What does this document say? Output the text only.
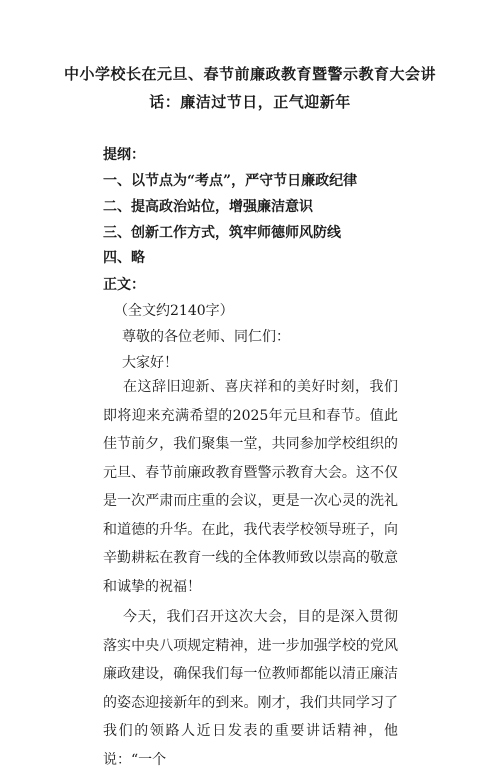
中小学校长在元旦、春节前廉政教育暨警示教育大会讲
话：廉洁过节日，正气迎新年
提纲：
一、以节点为“考点”，严守节日廉政纪律
二、提高政治站位，增强廉洁意识
三、创新工作方式，筑牢师德师风防线
四、略
正文：
（全文约2140字）
尊敬的各位老师、同仁们：
大家好！

在这辞旧迎新、喜庆祥和的美好时刻，我们即将迎来充满希望的2025年元旦和春节。值此佳节前夕，我们聚集一堂，共同参加学校组织的元旦、春节前廉政教育暨警示教育大会。这不仅是一次严肃而庄重的会议，更是一次心灵的洗礼和道德的升华。在此，我代表学校领导班子，向辛勤耕耘在教育一线的全体教师致以崇高的敬意和诚挚的祝福！

今天，我们召开这次大会，目的是深入贯彻落实中央八项规定精神，进一步加强学校的党风廉政建设，确保我们每一位教师都能以清正廉洁的姿态迎接新年的到来。刚才，我们共同学习了我们的领路人近日发表的重要讲话精神，他说：“一个
